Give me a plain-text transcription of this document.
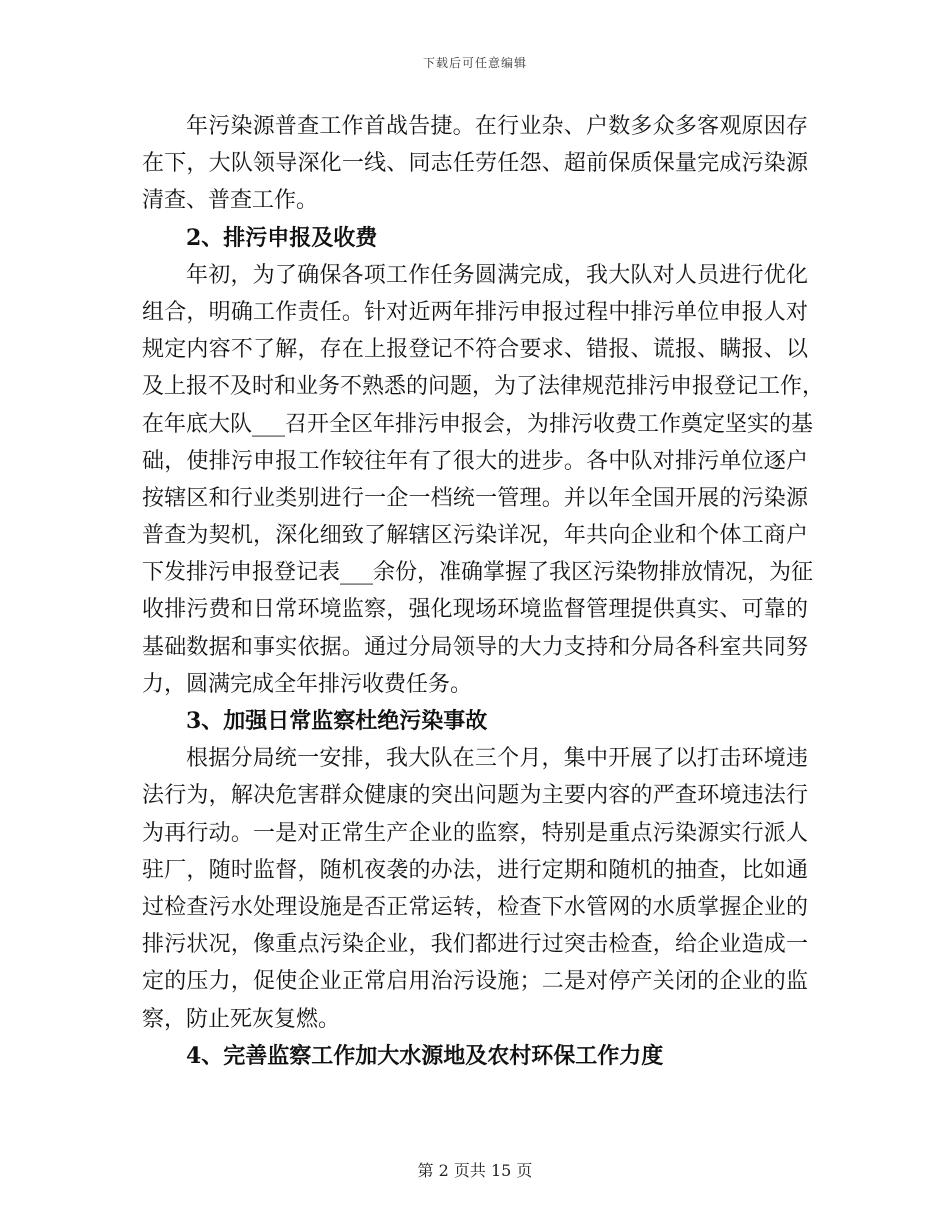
下载后可任意编辑
年污染源普查工作首战告捷。在行业杂、户数多众多客观原因存
在下，大队领导深化一线、同志任劳任怨、超前保质保量完成污染源
清查、普查工作。
2、排污申报及收费
年初，为了确保各项工作任务圆满完成，我大队对人员进行优化
组合，明确工作责任。针对近两年排污申报过程中排污单位申报人对
规定内容不了解，存在上报登记不符合要求、错报、谎报、瞒报、以
及上报不及时和业务不熟悉的问题，为了法律规范排污申报登记工作，
在年底大队___召开全区年排污申报会，为排污收费工作奠定坚实的基
础，使排污申报工作较往年有了很大的进步。各中队对排污单位逐户
按辖区和行业类别进行一企一档统一管理。并以年全国开展的污染源
普查为契机，深化细致了解辖区污染详况，年共向企业和个体工商户
下发排污申报登记表___余份，准确掌握了我区污染物排放情况，为征
收排污费和日常环境监察，强化现场环境监督管理提供真实、可靠的
基础数据和事实依据。通过分局领导的大力支持和分局各科室共同努
力，圆满完成全年排污收费任务。
3、加强日常监察杜绝污染事故
根据分局统一安排，我大队在三个月，集中开展了以打击环境违
法行为，解决危害群众健康的突出问题为主要内容的严查环境违法行
为再行动。一是对正常生产企业的监察，特别是重点污染源实行派人
驻厂，随时监督，随机夜袭的办法，进行定期和随机的抽查，比如通
过检查污水处理设施是否正常运转，检查下水管网的水质掌握企业的
排污状况，像重点污染企业，我们都进行过突击检查，给企业造成一
定的压力，促使企业正常启用治污设施；二是对停产关闭的企业的监
察，防止死灰复燃。
4、完善监察工作加大水源地及农村环保工作力度
第 2 页共 15 页
